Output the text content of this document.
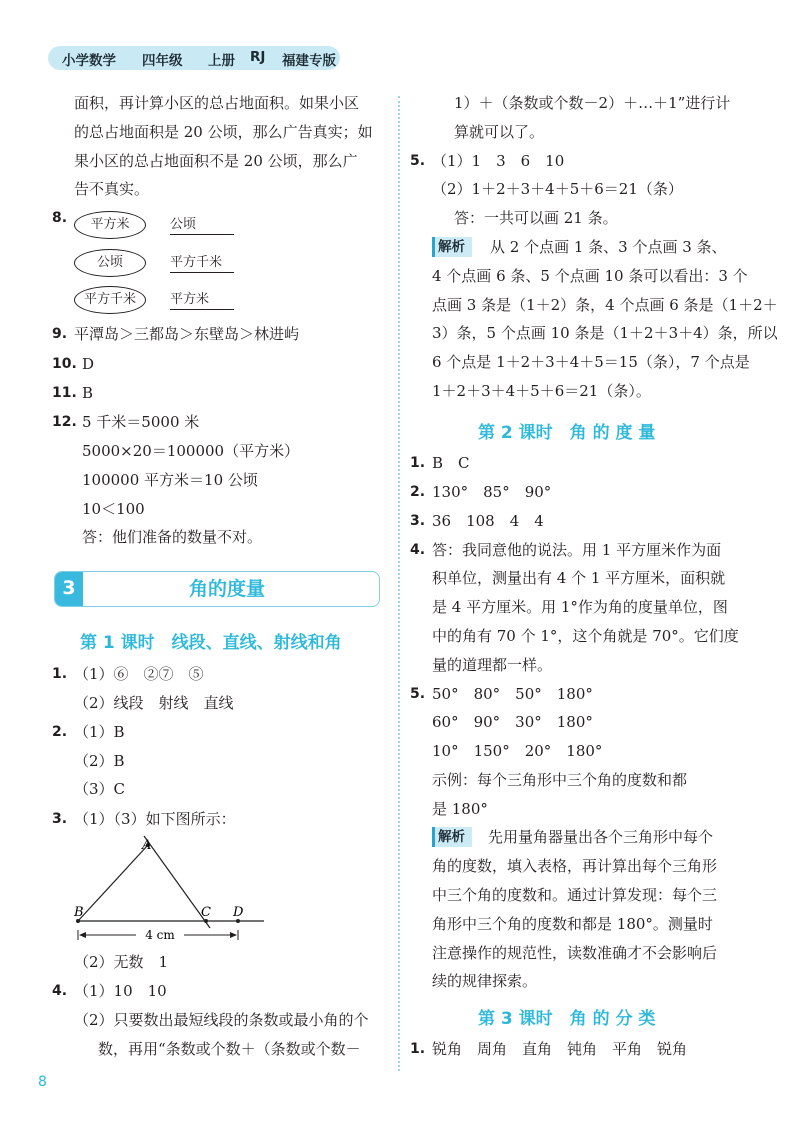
小学数学 四年级 上册 RJ 福建专版
面积，再计算小区的总占地面积。如果小区
的总占地面积是 20 公顷，那么广告真实；如
果小区的总占地面积不是 20 公顷，那么广
告不真实。
8.	平方米	公顷
公顷	平方千米
平方千米	平方米
9. 平潭岛＞三都岛＞东壁岛＞林进屿
10. D
11. B
12. 5 千米＝5000 米
5000×20＝100000（平方米）
100000 平方米＝10 公顷
10＜100
答：他们准备的数量不对。
3	角的度量
第 1 课时　线段、直线、射线和角
1. （1）⑥　②⑦　⑤
（2）线段　射线　直线
2. （1）B
（2）B
（3）C
3. （1）（3）如下图所示：
A
B	C D
4 cm
（2）无数　1
4. （1）10　10
（2）只要数出最短线段的条数或最小角的个
数，再用“条数或个数＋（条数或个数－
1）＋（条数或个数－2）＋…＋1”进行计
算就可以了。
5. （1）1　3　6　10
（2）1＋2＋3＋4＋5＋6＝21（条）
答：一共可以画 21 条。
解析	从 2 个点画 1 条、3 个点画 3 条、
4 个点画 6 条、5 个点画 10 条可以看出：3 个
点画 3 条是（1＋2）条，4 个点画 6 条是（1＋2＋
3）条，5 个点画 10 条是（1＋2＋3＋4）条，所以
6 个点是 1＋2＋3＋4＋5＝15（条），7 个点是
1＋2＋3＋4＋5＋6＝21（条）。
第 2 课时　角 的 度 量
1. B　C
2. 130°　85°　90°
3. 36　108　4　4
4. 答：我同意他的说法。用 1 平方厘米作为面
积单位，测量出有 4 个 1 平方厘米，面积就
是 4 平方厘米。用 1°作为角的度量单位，图
中的角有 70 个 1°，这个角就是 70°。它们度
量的道理都一样。
5. 50°　80°　50°　180°
60°　90°　30°　180°
10°　150°　20°　180°
示例：每个三角形中三个角的度数和都
是 180°
解析	先用量角器量出各个三角形中每个
角的度数，填入表格，再计算出每个三角形
中三个角的度数和。通过计算发现：每个三
角形中三个角的度数和都是 180°。测量时
注意操作的规范性，读数准确才不会影响后
续的规律探索。
第 3 课时　角 的 分 类
1. 锐角　周角　直角　钝角　平角　锐角
8
